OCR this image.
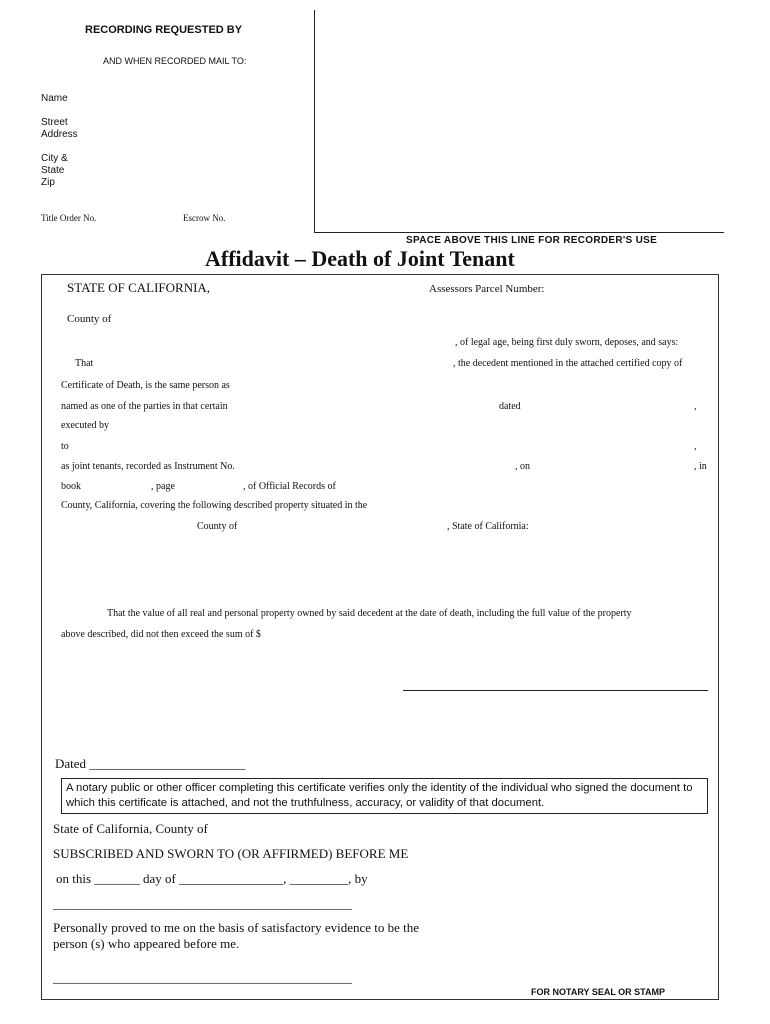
RECORDING REQUESTED BY
AND WHEN RECORDED MAIL TO:
Name
Street
Address
City &
State
Zip
Title Order No.	Escrow No.
SPACE ABOVE THIS LINE FOR RECORDER'S USE
Affidavit – Death of Joint Tenant
STATE OF CALIFORNIA,	Assessors Parcel Number:
County of
, of legal age, being first duly sworn, deposes, and says:
That	, the decedent mentioned in the attached certified copy of
Certificate of Death, is the same person as
named as one of the parties in that certain	dated	,
executed by
to	,
as joint tenants, recorded as Instrument No.	, on	, in
book	, page	, of Official Records of
County, California, covering the following described property situated in the
County of	, State of California:
That the value of all real and personal property owned by said decedent at the date of death, including the full value of the property
above described, did not then exceed the sum of $
Dated ________________________
A notary public or other officer completing this certificate verifies only the identity of the individual who signed the document to which this certificate is attached, and not the truthfulness, accuracy, or validity of that document.
State of California, County of
SUBSCRIBED AND SWORN TO (OR AFFIRMED) BEFORE ME
on this _______ day of ________________, _________, by
______________________________________________
Personally proved to me on the basis of satisfactory evidence to be the
person (s) who appeared before me.
______________________________________________
FOR NOTARY SEAL OR STAMP
